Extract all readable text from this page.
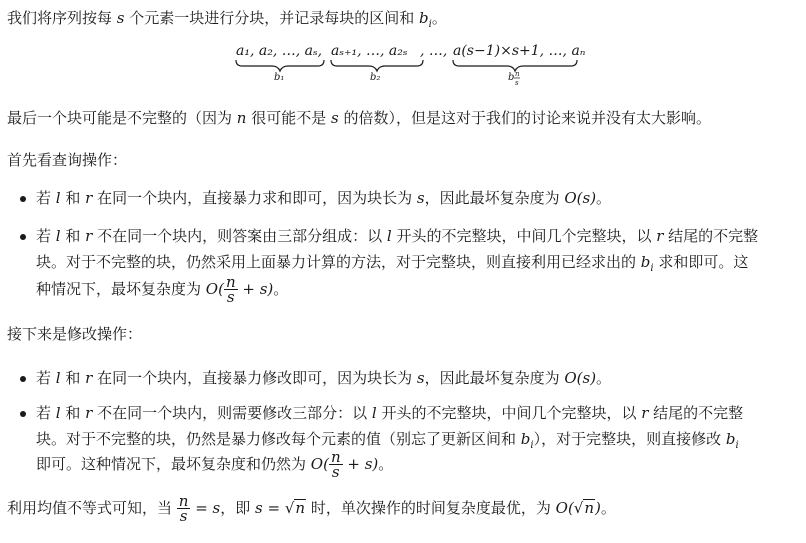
我们将序列按每 s 个元素一块进行分块，并记录每块的区间和 $b_i$。

a₁, a₂, …, aₛ, aₛ₊₁, …, a₂ₛ , …, a(s−1)×s+1, …, aₙ
b₁	b₂	b n
s

最后一个块可能是不完整的（因为 n 很可能不是 s 的倍数），但是这对于我们的讨论来说并没有太大影响。

首先看查询操作：

若 l 和 r 在同一个块内，直接暴力求和即可，因为块长为 s，因此最坏复杂度为 O(s)。
若 l 和 r 不在同一个块内，则答案由三部分组成：以 l 开头的不完整块，中间几个完整块，以 r 结尾的不完整
块。对于不完整的块，仍然采用上面暴力计算的方法，对于完整块，则直接利用已经求出的 $b_i$ 求和即可。这
种情况下，最坏复杂度为 $O( \frac{n}{s} + s)$。

接下来是修改操作：

若 l 和 r 在同一个块内，直接暴力修改即可，因为块长为 s，因此最坏复杂度为 O(s)。
若 l 和 r 不在同一个块内，则需要修改三部分：以 l 开头的不完整块，中间几个完整块，以 r 结尾的不完整
块。对于不完整的块，仍然是暴力修改每个元素的值（别忘了更新区间和 $b_i$），对于完整块，则直接修改 $b_i$
即可。这种情况下，最坏复杂度和仍然为 $O( \frac{n}{s} + s)$。
利用均值不等式可知，当 $\frac{n}{s} = s$，即 s = √n 时，单次操作的时间复杂度最优，为 O(√n)。
